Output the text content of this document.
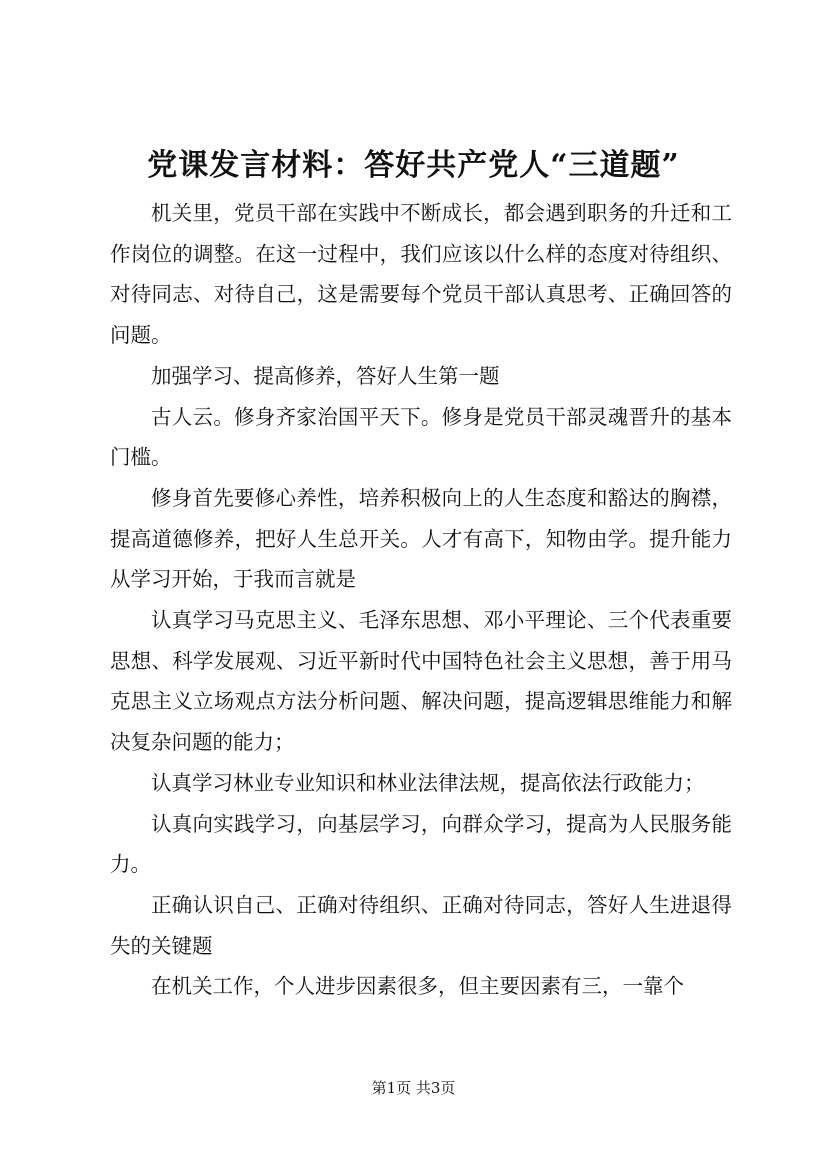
党课发言材料：答好共产党人“三道题”

机关里，党员干部在实践中不断成长，都会遇到职务的升迁和工作岗位的调整。在这一过程中，我们应该以什么样的态度对待组织、对待同志、对待自己，这是需要每个党员干部认真思考、正确回答的问题。

加强学习、提高修养，答好人生第一题

古人云。修身齐家治国平天下。修身是党员干部灵魂晋升的基本门槛。

修身首先要修心养性，培养积极向上的人生态度和豁达的胸襟，提高道德修养，把好人生总开关。人才有高下，知物由学。提升能力从学习开始，于我而言就是

认真学习马克思主义、毛泽东思想、邓小平理论、三个代表重要思想、科学发展观、习近平新时代中国特色社会主义思想，善于用马克思主义立场观点方法分析问题、解决问题，提高逻辑思维能力和解决复杂问题的能力；

认真学习林业专业知识和林业法律法规，提高依法行政能力；

认真向实践学习，向基层学习，向群众学习，提高为人民服务能力。

正确认识自己、正确对待组织、正确对待同志，答好人生进退得失的关键题

在机关工作，个人进步因素很多，但主要因素有三，一靠个

第1页 共3页
